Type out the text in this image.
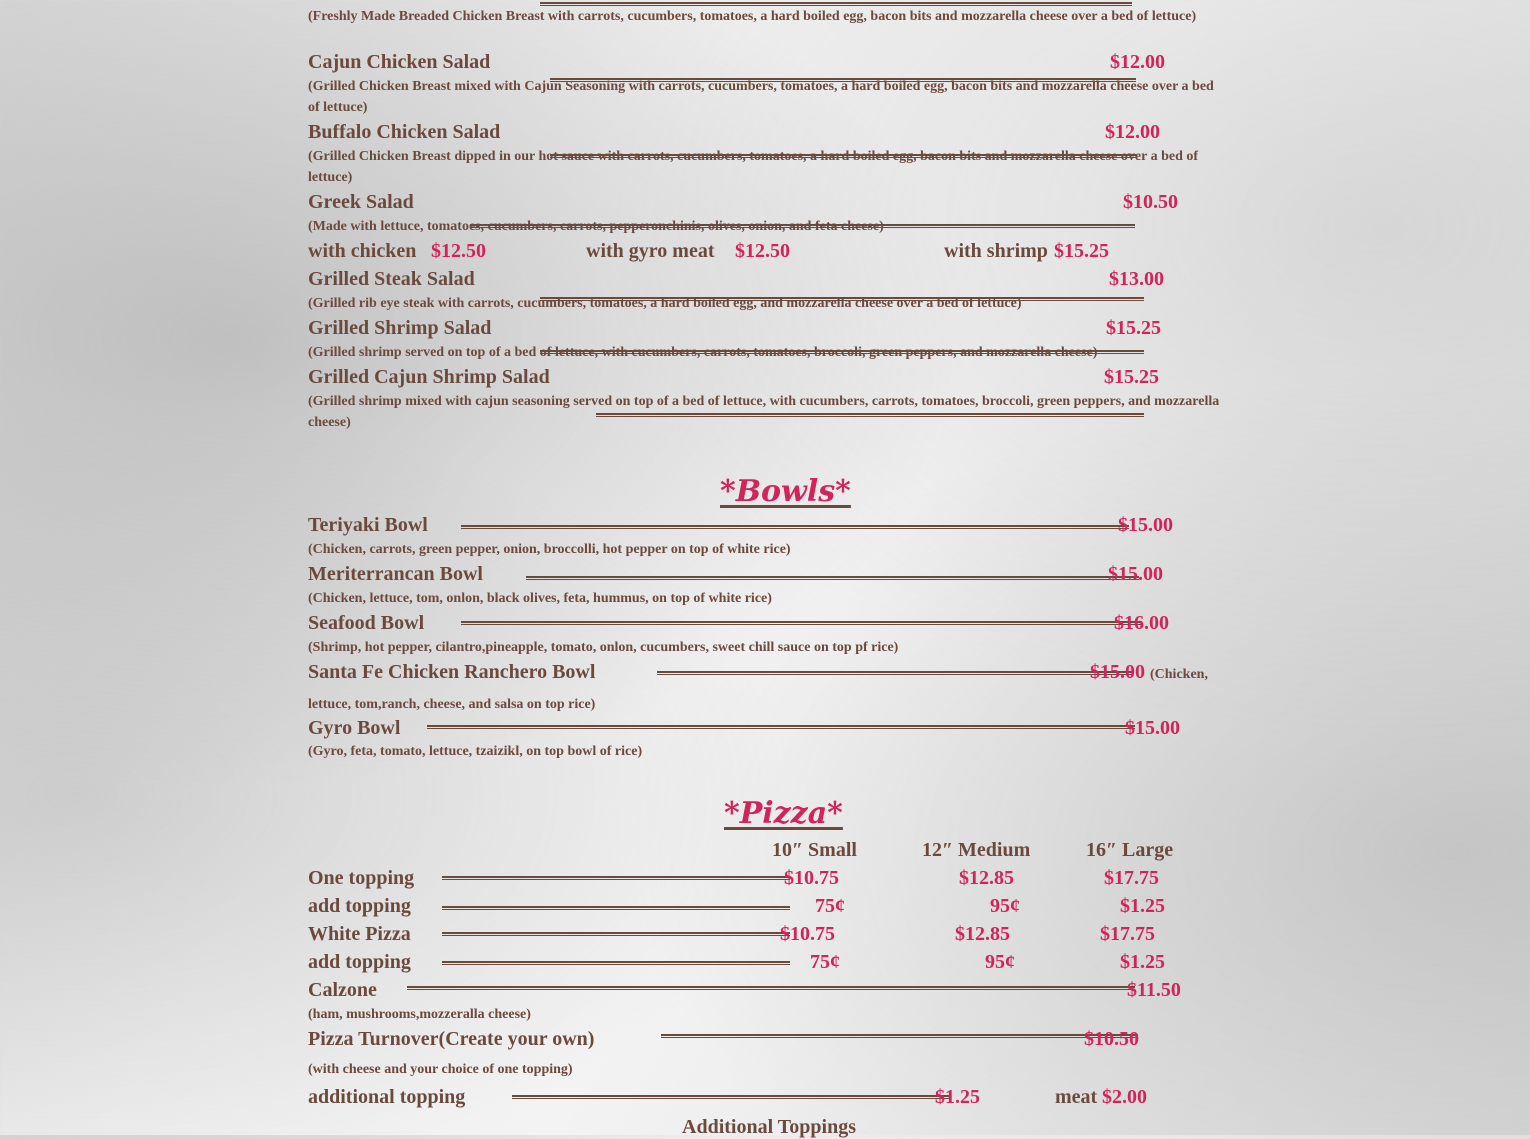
(Freshly Made Breaded Chicken Breast with carrots, cucumbers, tomatoes, a hard boiled egg, bacon bits and mozzarella cheese over a bed of lettuce)
Cajun Chicken Salad	$12.00
(Grilled Chicken Breast mixed with Cajun Seasoning with carrots, cucumbers, tomatoes, a hard boiled egg, bacon bits and mozzarella cheese over a bed of lettuce)
Buffalo Chicken Salad	$12.00
(Grilled Chicken Breast dipped in our hot sauce with carrots, cucumbers, tomatoes, a hard boiled egg, bacon bits and mozzarella cheese over a bed of lettuce)
Greek Salad	$10.50
(Made with lettuce, tomatoes, cucumbers, carrots, pepperonchinis, olives, onion, and feta cheese)
with chicken $12.50	with gyro meat $12.50	with shrimp $15.25
Grilled Steak Salad	$13.00
(Grilled rib eye steak with carrots, cucumbers, tomatoes, a hard boiled egg, and mozzarella cheese over a bed of lettuce)
Grilled Shrimp Salad	$15.25
(Grilled shrimp served on top of a bed of lettuce, with cucumbers, carrots, tomatoes, broccoli, green peppers, and mozzarella cheese)
Grilled Cajun Shrimp Salad	$15.25
(Grilled shrimp mixed with cajun seasoning served on top of a bed of lettuce, with cucumbers, carrots, tomatoes, broccoli, green peppers, and mozzarella cheese)
*Bowls*
Teriyaki Bowl	$15.00
(Chicken, carrots, green pepper, onion, broccolli, hot pepper on top of white rice)
Meriterrancan Bowl	$15.00
(Chicken, lettuce, tom, onlon, black olives, feta, hummus, on top of white rice)
Seafood Bowl	$16.00
(Shrimp, hot pepper, cilantro,pineapple, tomato, onlon, cucumbers, sweet chill sauce on top pf rice)
Santa Fe Chicken Ranchero Bowl	$15.00 (Chicken,
lettuce, tom,ranch, cheese, and salsa on top rice)
Gyro Bowl	$15.00
(Gyro, feta, tomato, lettuce, tzaizikl, on top bowl of rice)
*Pizza*
10″ Small	12″ Medium	16″ Large
One topping	$10.75	$12.85	$17.75
add topping	75¢	95¢	$1.25
White Pizza	$10.75	$12.85	$17.75
add topping	75¢	95¢	$1.25
Calzone	$11.50
(ham, mushrooms,mozzeralla cheese)
Pizza Turnover(Create your own)	$10.50
(with cheese and your choice of one topping)
additional topping	$1.25	meat $2.00
Additional Toppings
